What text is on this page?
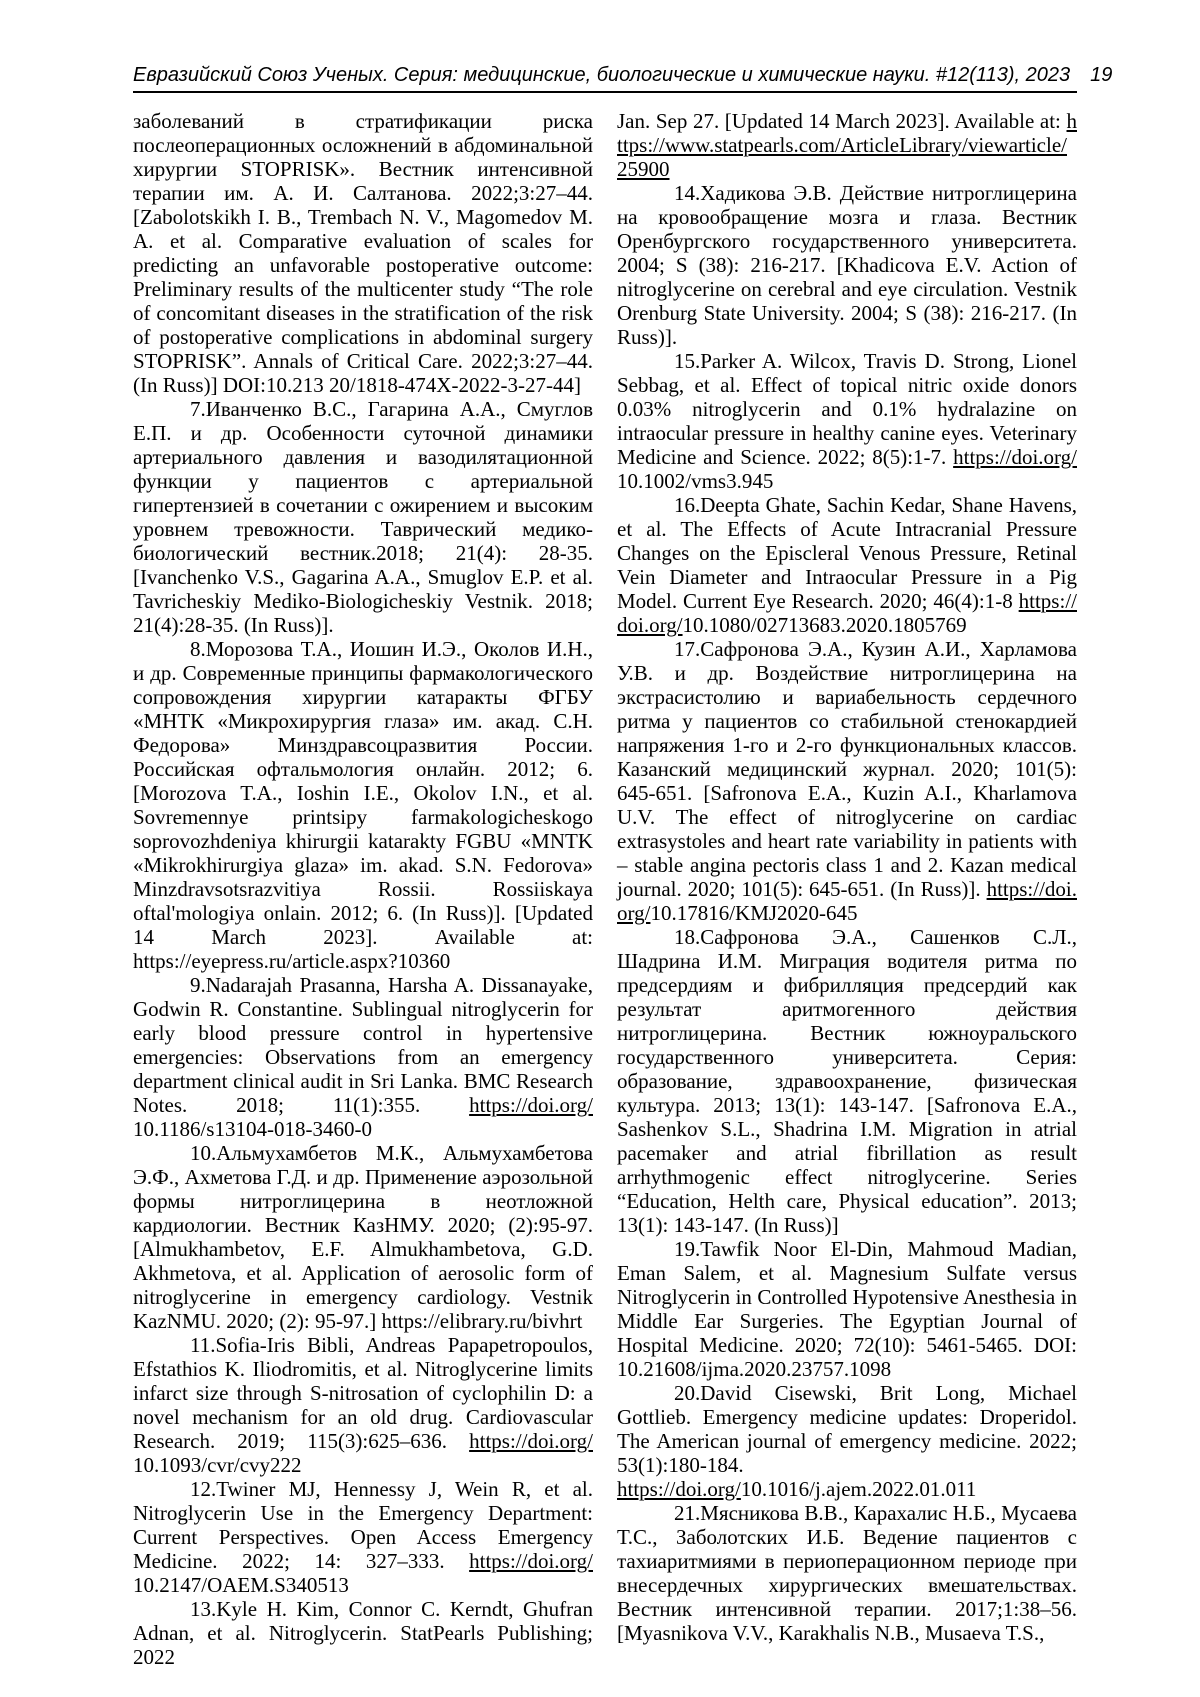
Евразийский Союз Ученых. Серия: медицинские, биологические и химические науки. #12(113), 2023	19

заболеваний в стратификации риска послеоперационных осложнений в абдоминальной хирургии STOPRISK». Вестник интенсивной терапии им. А. И. Салтанова. 2022;3:27–44. [Zabolotskikh I. B., Trembach N. V., Magomedov M. A. et al. Comparative evaluation of scales for predicting an unfavorable postoperative outcome: Preliminary results of the multicenter study “The role of concomitant diseases in the stratification of the risk of postoperative complications in abdominal surgery STOPRISK”. Annals of Critical Care. 2022;3:27–44. (In Russ)] DOI:10.213 20/1818-474X-2022-3-27-44]

7.Иванченко В.С., Гагарина А.А., Смуглов Е.П. и др. Особенности суточной динамики артериального давления и вазодилятационной функции у пациентов с артериальной гипертензией в сочетании с ожирением и высоким уровнем тревожности. Таврический медико-биологический вестник.2018; 21(4): 28-35. [Ivanchenko V.S., Gagarina A.A., Smuglov E.P. et al. Tavricheskiy Mediko-Biologicheskiy Vestnik. 2018; 21(4):28-35. (In Russ)].

8.Морозова Т.А., Иошин И.Э., Околов И.Н., и др. Современные принципы фармакологического сопровождения хирургии катаракты ФГБУ «МНТК «Микрохирургия глаза» им. акад. С.Н. Федорова» Минздравсоцразвития России. Российская офтальмология онлайн. 2012; 6. [Morozova T.A., Ioshin I.E., Okolov I.N., et al. Sovremennye printsipy farmakologicheskogo soprovozhdeniya khirurgii katarakty FGBU «MNTK «Mikrokhirurgiya glaza» im. akad. S.N. Fedorova» Minzdravsotsrazvitiya Rossii. Rossiiskaya oftal'mologiya onlain. 2012; 6. (In Russ)]. [Updated 14 March 2023]. Available at: https://eyepress.ru/article.aspx?10360

9.Nadarajah Prasanna, Harsha A. Dissanayake, Godwin R. Constantine. Sublingual nitroglycerin for early blood pressure control in hypertensive emergencies: Observations from an emergency department clinical audit in Sri Lanka. BMC Research Notes. 2018; 11(1):355. https://doi.org/10.1186/s13104-018-3460-0

10.Альмухамбетов М.К., Альмухамбетова Э.Ф., Ахметова Г.Д. и др. Применение аэрозольной формы нитроглицерина в неотложной кардиологии. Вестник КазНМУ. 2020; (2):95-97. [Almukhambetov, E.F. Almukhambetova, G.D. Akhmetova, et al. Application of aerosolic form of nitroglycerine in emergency cardiology. Vestnik KazNMU. 2020; (2): 95-97.] https://elibrary.ru/bivhrt

11.Sofia-Iris Bibli, Andreas Papapetropoulos, Efstathios K. Iliodromitis, et al. Nitroglycerine limits infarct size through S-nitrosation of cyclophilin D: a novel mechanism for an old drug. Cardiovascular Research. 2019; 115(3):625–636. https://doi.org/10.1093/cvr/cvy222

12.Twiner MJ, Hennessy J, Wein R, et al. Nitroglycerin Use in the Emergency Department: Current Perspectives. Open Access Emergency Medicine. 2022; 14: 327–333. https://doi.org/10.2147/OAEM.S340513

13.Kyle H. Kim, Connor C. Kerndt, Ghufran Adnan, et al. Nitroglycerin. StatPearls Publishing; 2022

Jan. Sep 27. [Updated 14 March 2023]. Available at: https://www.statpearls.com/ArticleLibrary/viewarticle/25900

14.Хадикова Э.В. Действие нитроглицерина на кровообращение мозга и глаза. Вестник Оренбургского государственного университета. 2004; S (38): 216-217. [Khadicova E.V. Action of nitroglycerine on cerebral and eye circulation. Vestnik Orenburg State University. 2004; S (38): 216-217. (In Russ)].

15.Parker A. Wilcox, Travis D. Strong, Lionel Sebbag, et al. Effect of topical nitric oxide donors 0.03% nitroglycerin and 0.1% hydralazine on intraocular pressure in healthy canine eyes. Veterinary Medicine and Science. 2022; 8(5):1-7. https://doi.org/10.1002/vms3.945

16.Deepta Ghate, Sachin Kedar, Shane Havens, et al. The Effects of Acute Intracranial Pressure Changes on the Episcleral Venous Pressure, Retinal Vein Diameter and Intraocular Pressure in a Pig Model. Current Eye Research. 2020; 46(4):1-8 https://doi.org/10.1080/02713683.2020.1805769

17.Сафронова Э.А., Кузин А.И., Харламова У.В. и др. Воздействие нитроглицерина на экстрасистолию и вариабельность сердечного ритма у пациентов со стабильной стенокардией напряжения 1-го и 2-го функциональных классов. Казанский медицинский журнал. 2020; 101(5): 645-651. [Safronova E.A., Kuzin A.I., Kharlamova U.V. The effect of nitroglycerine on cardiac extrasystoles and heart rate variability in patients with – stable angina pectoris class 1 and 2. Kazan medical journal. 2020; 101(5): 645-651. (In Russ)]. https://doi.org/10.17816/KMJ2020-645

18.Сафронова Э.А., Сашенков С.Л., Шадрина И.М. Миграция водителя ритма по предсердиям и фибрилляция предсердий как результат аритмогенного действия нитроглицерина. Вестник южноуральского государственного университета. Серия: образование, здравоохранение, физическая культура. 2013; 13(1): 143-147. [Safronova E.A., Sashenkov S.L., Shadrina I.M. Migration in atrial pacemaker and atrial fibrillation as result arrhythmogenic effect nitroglycerine. Series “Education, Helth care, Physical education”. 2013; 13(1): 143-147. (In Russ)]

19.Tawfik Noor El-Din, Mahmoud Madian, Eman Salem, et al. Magnesium Sulfate versus Nitroglycerin in Controlled Hypotensive Anesthesia in Middle Ear Surgeries. The Egyptian Journal of Hospital Medicine. 2020; 72(10): 5461-5465. DOI: 10.21608/ijma.2020.23757.1098

20.David Cisewski, Brit Long, Michael Gottlieb. Emergency medicine updates: Droperidol. The American journal of emergency medicine. 2022; 53(1):180-184.

https://doi.org/10.1016/j.ajem.2022.01.011

21.Мясникова В.В., Карахалис Н.Б., Мусаева Т.С., Заболотских И.Б. Ведение пациентов с тахиаритмиями в периоперационном периоде при внесердечных хирургических вмешательствах. Вестник интенсивной терапии. 2017;1:38–56. [Myasnikova V.V., Karakhalis N.B., Musaeva T.S.,
